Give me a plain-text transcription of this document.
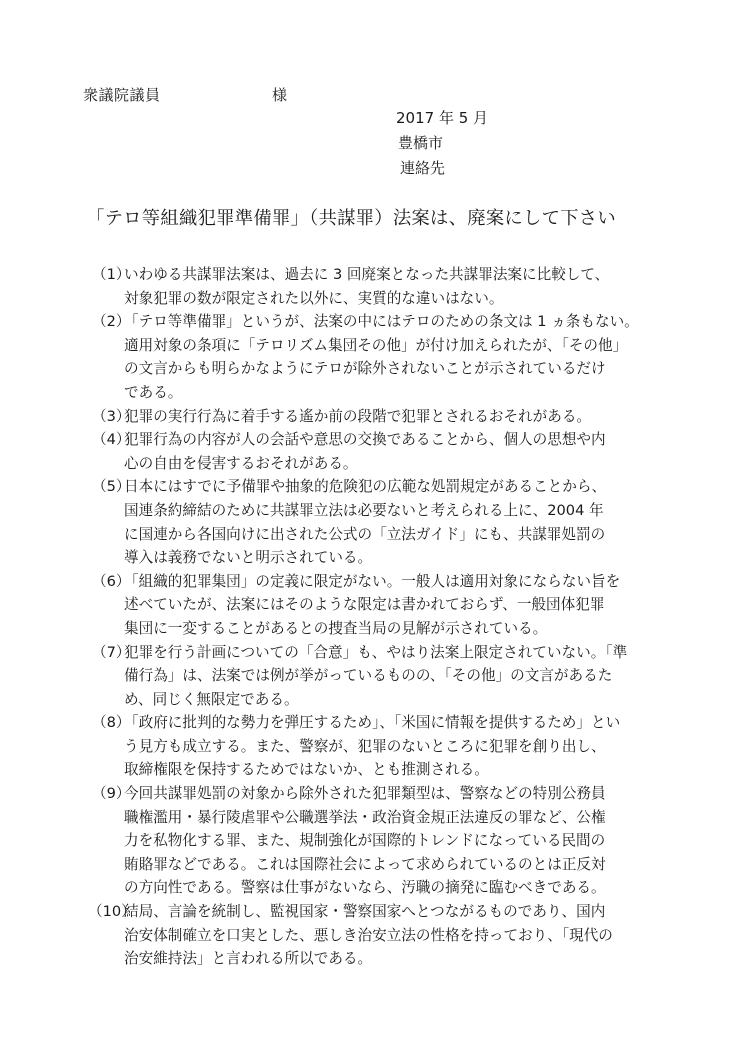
衆議院議員	様
2017 年 5 月
豊橋市
連絡先
「テロ等組織犯罪準備罪」（共謀罪）法案は、廃案にして下さい
（1）
いわゆる共謀罪法案は、過去に 3 回廃案となった共謀罪法案に比較して、
対象犯罪の数が限定された以外に、実質的な違いはない。
（2）
「テロ等準備罪」というが、法案の中にはテロのための条文は 1 ヵ条もない。
適用対象の条項に「テロリズム集団その他」が付け加えられたが、「その他」
の文言からも明らかなようにテロが除外されないことが示されているだけ
である。
（3）
犯罪の実行行為に着手する遙か前の段階で犯罪とされるおそれがある。
（4）
犯罪行為の内容が人の会話や意思の交換であることから、個人の思想や内
心の自由を侵害するおそれがある。
（5）
日本にはすでに予備罪や抽象的危険犯の広範な処罰規定があることから、
国連条約締結のために共謀罪立法は必要ないと考えられる上に、2004 年
に国連から各国向けに出された公式の「立法ガイド」にも、共謀罪処罰の
導入は義務でないと明示されている。
（6）
「組織的犯罪集団」の定義に限定がない。一般人は適用対象にならない旨を
述べていたが、法案にはそのような限定は書かれておらず、一般団体犯罪
集団に一変することがあるとの捜査当局の見解が示されている。
（7）
犯罪を行う計画についての「合意」も、やはり法案上限定されていない。「準
備行為」は、法案では例が挙がっているものの、「その他」の文言があるた
め、同じく無限定である。
（8）
「政府に批判的な勢力を弾圧するため」、「米国に情報を提供するため」とい
う見方も成立する。また、警察が、犯罪のないところに犯罪を創り出し、
取締権限を保持するためではないか、とも推測される。
（9）
今回共謀罪処罰の対象から除外された犯罪類型は、警察などの特別公務員
職権濫用・暴行陵虐罪や公職選挙法・政治資金規正法違反の罪など、公権
力を私物化する罪、また、規制強化が国際的トレンドになっている民間の
賄賂罪などである。これは国際社会によって求められているのとは正反対
の方向性である。警察は仕事がないなら、汚職の摘発に臨むべきである。
（10）
結局、言論を統制し、監視国家・警察国家へとつながるものであり、国内
治安体制確立を口実とした、悪しき治安立法の性格を持っており、「現代の
治安維持法」と言われる所以である。
